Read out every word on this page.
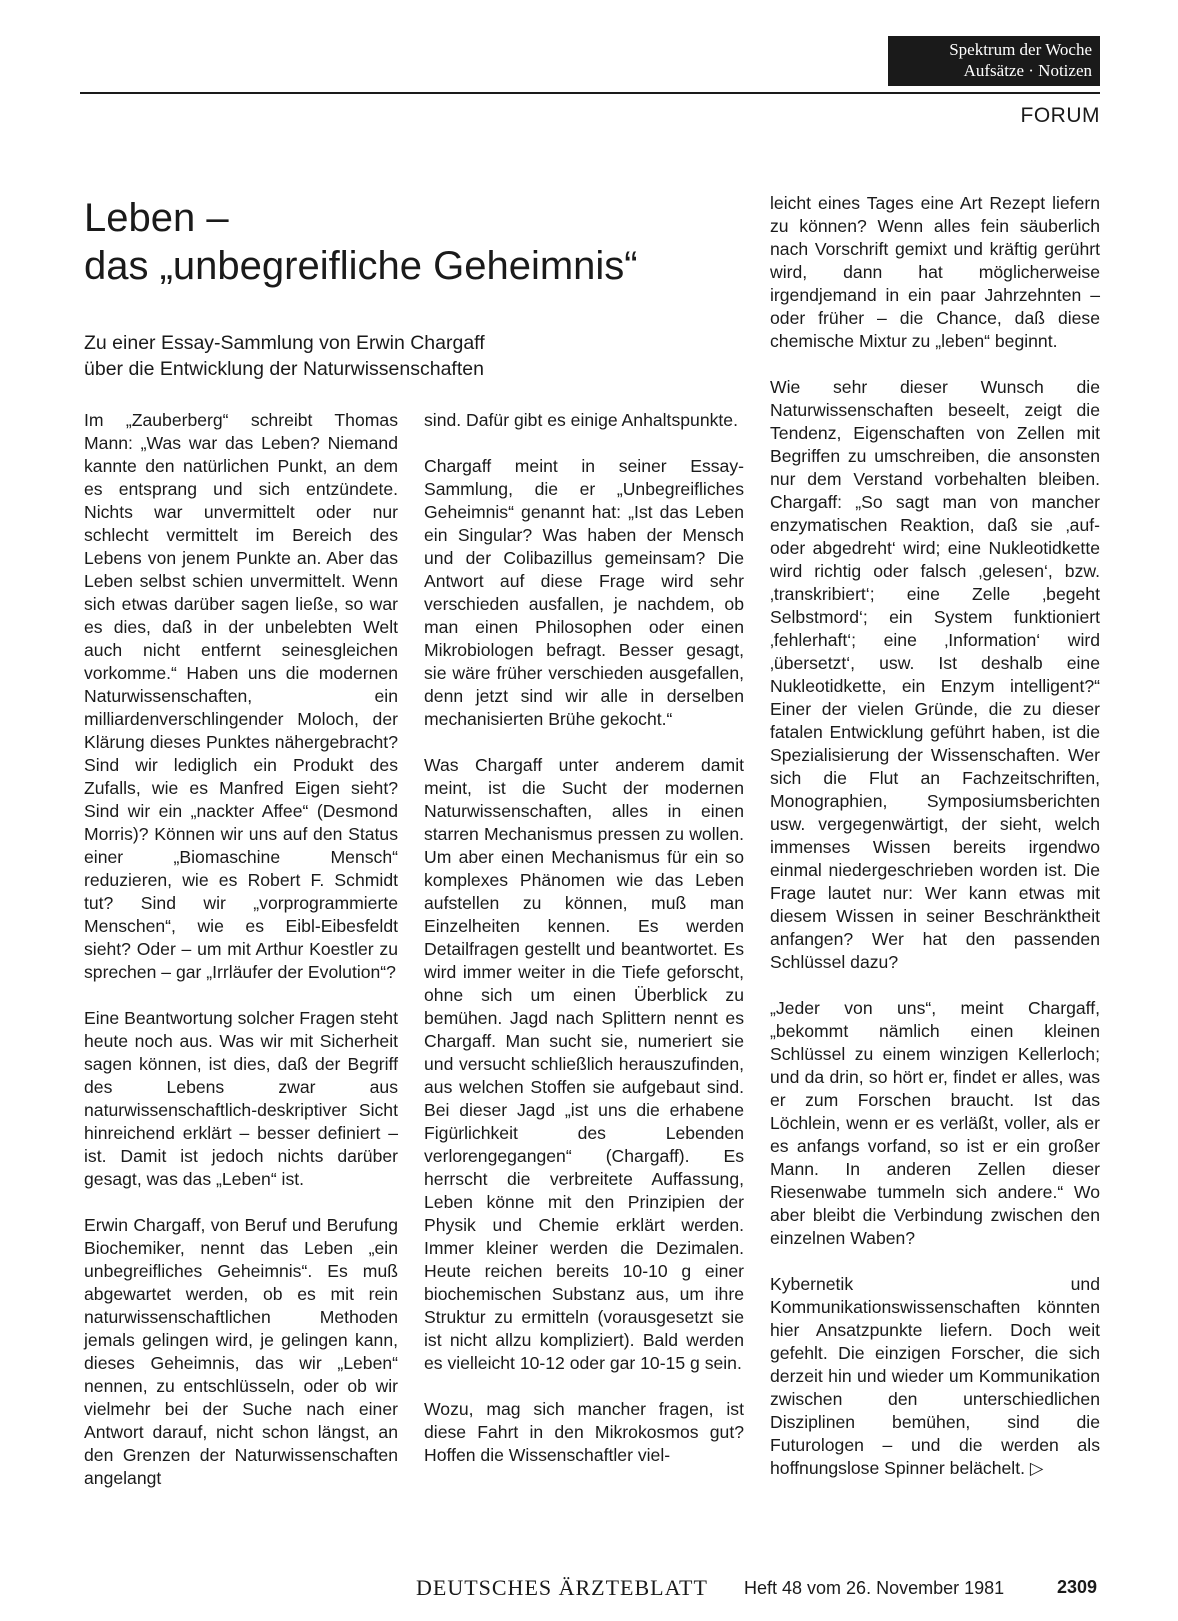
Spektrum der Woche
Aufsätze · Notizen
FORUM
Leben –
das „unbegreifliche Geheimnis“
Zu einer Essay-Sammlung von Erwin Chargaff
über die Entwicklung der Naturwissenschaften

Im „Zauberberg“ schreibt Thomas Mann: „Was war das Leben? Niemand kannte den natürlichen Punkt, an dem es entsprang und sich entzündete. Nichts war unvermittelt oder nur schlecht vermittelt im Bereich des Lebens von jenem Punkte an. Aber das Leben selbst schien unvermittelt. Wenn sich etwas darüber sagen ließe, so war es dies, daß in der unbelebten Welt auch nicht entfernt seinesgleichen vorkomme.“ Haben uns die modernen Naturwissenschaften, ein milliardenverschlingender Moloch, der Klärung dieses Punktes nähergebracht? Sind wir lediglich ein Produkt des Zufalls, wie es Manfred Eigen sieht? Sind wir ein „nackter Affee“ (Desmond Morris)? Können wir uns auf den Status einer „Biomaschine Mensch“ reduzieren, wie es Robert F. Schmidt tut? Sind wir „vorprogrammierte Menschen“, wie es Eibl-Eibesfeldt sieht? Oder – um mit Arthur Koestler zu sprechen – gar „Irrläufer der Evolution“?

Eine Beantwortung solcher Fragen steht heute noch aus. Was wir mit Sicherheit sagen können, ist dies, daß der Begriff des Lebens zwar aus naturwissenschaftlich-deskriptiver Sicht hinreichend erklärt – besser definiert – ist. Damit ist jedoch nichts darüber gesagt, was das „Leben“ ist.

Erwin Chargaff, von Beruf und Berufung Biochemiker, nennt das Leben „ein unbegreifliches Geheimnis“. Es muß abgewartet werden, ob es mit rein naturwissenschaftlichen Methoden jemals gelingen wird, je gelingen kann, dieses Geheimnis, das wir „Leben“ nennen, zu entschlüsseln, oder ob wir vielmehr bei der Suche nach einer Antwort darauf, nicht schon längst, an den Grenzen der Naturwissenschaften angelangt

sind. Dafür gibt es einige Anhaltspunkte.

Chargaff meint in seiner Essay-Sammlung, die er „Unbegreifliches Geheimnis“ genannt hat: „Ist das Leben ein Singular? Was haben der Mensch und der Colibazillus gemeinsam? Die Antwort auf diese Frage wird sehr verschieden ausfallen, je nachdem, ob man einen Philosophen oder einen Mikrobiologen befragt. Besser gesagt, sie wäre früher verschieden ausgefallen, denn jetzt sind wir alle in derselben mechanisierten Brühe gekocht.“

Was Chargaff unter anderem damit meint, ist die Sucht der modernen Naturwissenschaften, alles in einen starren Mechanismus pressen zu wollen. Um aber einen Mechanismus für ein so komplexes Phänomen wie das Leben aufstellen zu können, muß man Einzelheiten kennen. Es werden Detailfragen gestellt und beantwortet. Es wird immer weiter in die Tiefe geforscht, ohne sich um einen Überblick zu bemühen. Jagd nach Splittern nennt es Chargaff. Man sucht sie, numeriert sie und versucht schließlich herauszufinden, aus welchen Stoffen sie aufgebaut sind. Bei dieser Jagd „ist uns die erhabene Figürlichkeit des Lebenden verlorengegangen“ (Chargaff). Es herrscht die verbreitete Auffassung, Leben könne mit den Prinzipien der Physik und Chemie erklärt werden. Immer kleiner werden die Dezimalen. Heute reichen bereits 10-10 g einer biochemischen Substanz aus, um ihre Struktur zu ermitteln (vorausgesetzt sie ist nicht allzu kompliziert). Bald werden es vielleicht 10-12 oder gar 10-15 g sein.

Wozu, mag sich mancher fragen, ist diese Fahrt in den Mikrokosmos gut? Hoffen die Wissenschaftler viel-

leicht eines Tages eine Art Rezept liefern zu können? Wenn alles fein säuberlich nach Vorschrift gemixt und kräftig gerührt wird, dann hat möglicherweise irgendjemand in ein paar Jahrzehnten – oder früher – die Chance, daß diese chemische Mixtur zu „leben“ beginnt.

Wie sehr dieser Wunsch die Naturwissenschaften beseelt, zeigt die Tendenz, Eigenschaften von Zellen mit Begriffen zu umschreiben, die ansonsten nur dem Verstand vorbehalten bleiben. Chargaff: „So sagt man von mancher enzymatischen Reaktion, daß sie ‚auf- oder abgedreht‘ wird; eine Nukleotidkette wird richtig oder falsch ‚gelesen‘, bzw. ‚transkribiert‘; eine Zelle ‚begeht Selbstmord‘; ein System funktioniert ‚fehlerhaft‘; eine ‚Information‘ wird ‚übersetzt‘, usw. Ist deshalb eine Nukleotidkette, ein Enzym intelligent?“ Einer der vielen Gründe, die zu dieser fatalen Entwicklung geführt haben, ist die Spezialisierung der Wissenschaften. Wer sich die Flut an Fachzeitschriften, Monographien, Symposiumsberichten usw. vergegenwärtigt, der sieht, welch immenses Wissen bereits irgendwo einmal niedergeschrieben worden ist. Die Frage lautet nur: Wer kann etwas mit diesem Wissen in seiner Beschränktheit anfangen? Wer hat den passenden Schlüssel dazu?

„Jeder von uns“, meint Chargaff, „bekommt nämlich einen kleinen Schlüssel zu einem winzigen Kellerloch; und da drin, so hört er, findet er alles, was er zum Forschen braucht. Ist das Löchlein, wenn er es verläßt, voller, als er es anfangs vorfand, so ist er ein großer Mann. In anderen Zellen dieser Riesenwabe tummeln sich andere.“ Wo aber bleibt die Verbindung zwischen den einzelnen Waben?

Kybernetik und Kommunikationswissenschaften könnten hier Ansatzpunkte liefern. Doch weit gefehlt. Die einzigen Forscher, die sich derzeit hin und wieder um Kommunikation zwischen den unterschiedlichen Disziplinen bemühen, sind die Futurologen – und die werden als hoffnungslose Spinner belächelt. ▷

DEUTSCHES ÄRZTEBLATT Heft 48 vom 26. November 1981	2309
